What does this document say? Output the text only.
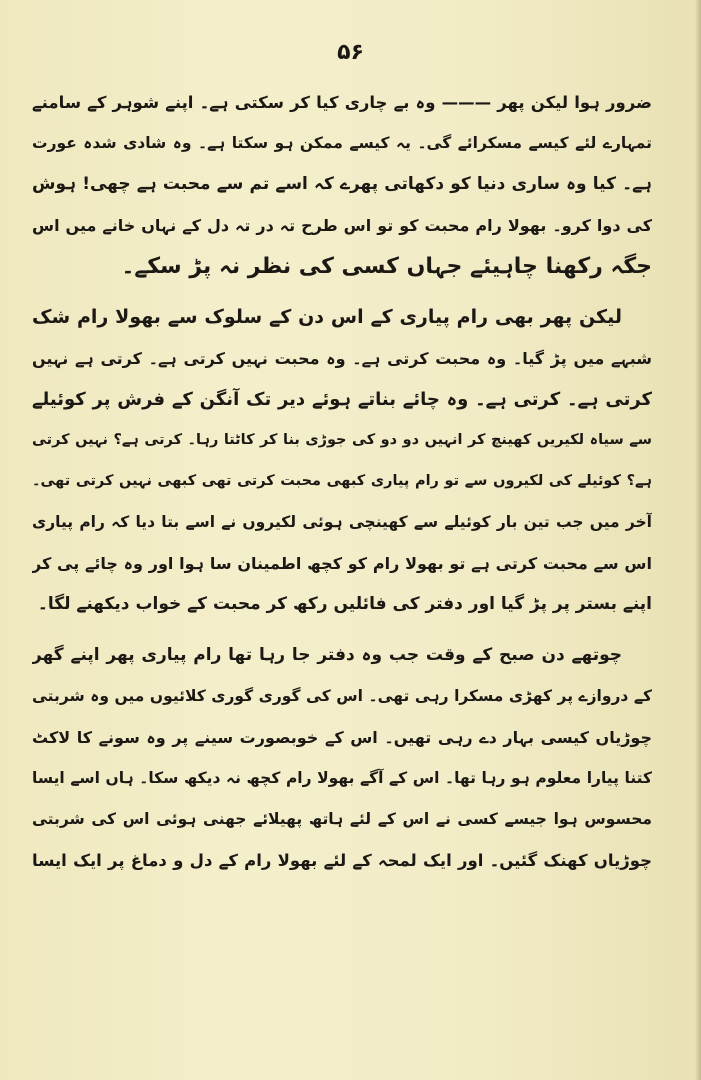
۵۶

ضرور ہوا لیکن پھر ——— وہ بے چاری کیا کر سکتی ہے۔ اپنے شوہر کے سامنے
تمہارے لئے کیسے مسکرائے گی۔ یہ کیسے ممکن ہو سکتا ہے۔ وہ شادی شدہ عورت
ہے۔ کیا وہ ساری دنیا کو دکھاتی پھرے کہ اسے تم سے محبت ہے چھی! ہوش
کی دوا کرو۔ بھولا رام محبت کو تو اس طرح تہ در تہ دل کے نہاں خانے میں اس
جگہ رکھنا چاہیئے جہاں کسی کی نظر نہ پڑ سکے۔

لیکن پھر بھی رام پیاری کے اس دن کے سلوک سے بھولا رام شک
شبہے میں پڑ گیا۔ وہ محبت کرتی ہے۔ وہ محبت نہیں کرتی ہے۔ کرتی ہے نہیں
کرتی ہے۔ کرتی ہے۔ وہ چائے بناتے ہوئے دیر تک آنگن کے فرش پر کوئیلے
سے سیاہ لکیریں کھینچ کر انہیں دو دو کی جوڑی بنا کر کاٹتا رہا۔ کرتی ہے؟ نہیں کرتی
ہے؟ کوئیلے کی لکیروں سے تو رام پیاری کبھی محبت کرتی تھی کبھی نہیں کرتی تھی۔
آخر میں جب تین بار کوئیلے سے کھینچی ہوئی لکیروں نے اسے بتا دیا کہ رام پیاری
اس سے محبت کرتی ہے تو بھولا رام کو کچھ اطمینان سا ہوا اور وہ چائے پی کر
اپنے بستر پر پڑ گیا اور دفتر کی فائلیں رکھ کر محبت کے خواب دیکھنے لگا۔

چوتھے دن صبح کے وقت جب وہ دفتر جا رہا تھا رام پیاری پھر اپنے گھر
کے دروازے پر کھڑی مسکرا رہی تھی۔ اس کی گوری گوری کلائیوں میں وہ شربتی
چوڑیاں کیسی بہار دے رہی تھیں۔ اس کے خوبصورت سینے پر وہ سونے کا لاکٹ
کتنا پیارا معلوم ہو رہا تھا۔ اس کے آگے بھولا رام کچھ نہ دیکھ سکا۔ ہاں اسے ایسا
محسوس ہوا جیسے کسی نے اس کے لئے ہاتھ پھیلائے جھنی ہوئی اس کی شربتی
چوڑیاں کھنک گئیں۔ اور ایک لمحہ کے لئے بھولا رام کے دل و دماغ پر ایک ایسا
